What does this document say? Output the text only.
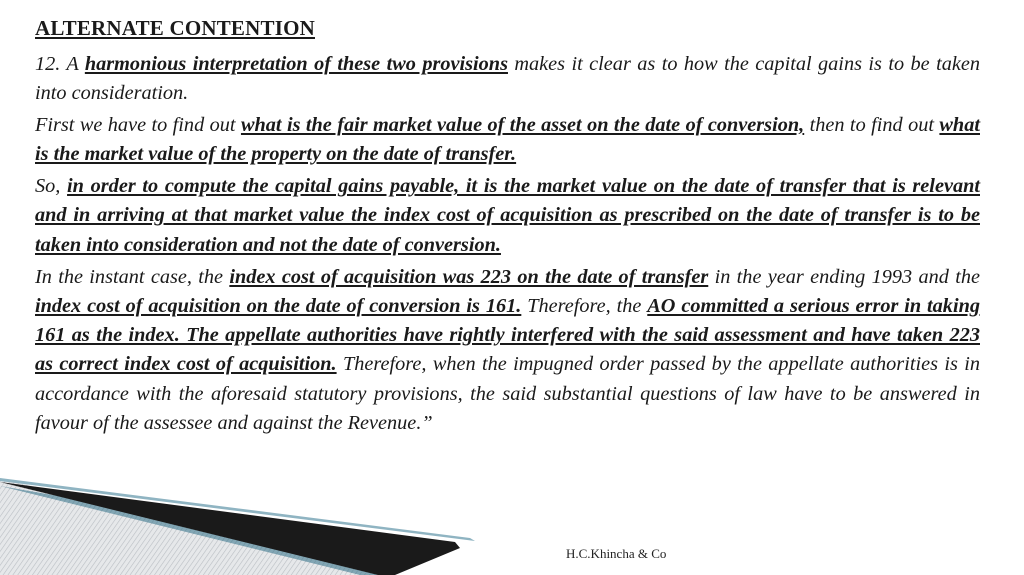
ALTERNATE CONTENTION

12. A harmonious interpretation of these two provisions makes it clear as to how the capital gains is to be taken into consideration.

First we have to find out what is the fair market value of the asset on the date of conversion, then to find out what is the market value of the property on the date of transfer.

So, in order to compute the capital gains payable, it is the market value on the date of transfer that is relevant and in arriving at that market value the index cost of acquisition as prescribed on the date of transfer is to be taken into consideration and not the date of conversion.

In the instant case, the index cost of acquisition was 223 on the date of transfer in the year ending 1993 and the index cost of acquisition on the date of conversion is 161. Therefore, the AO committed a serious error in taking 161 as the index. The appellate authorities have rightly interfered with the said assessment and have taken 223 as correct index cost of acquisition. Therefore, when the impugned order passed by the appellate authorities is in accordance with the aforesaid statutory provisions, the said substantial questions of law have to be answered in favour of the assessee and against the Revenue.”

H.C.Khincha & Co
